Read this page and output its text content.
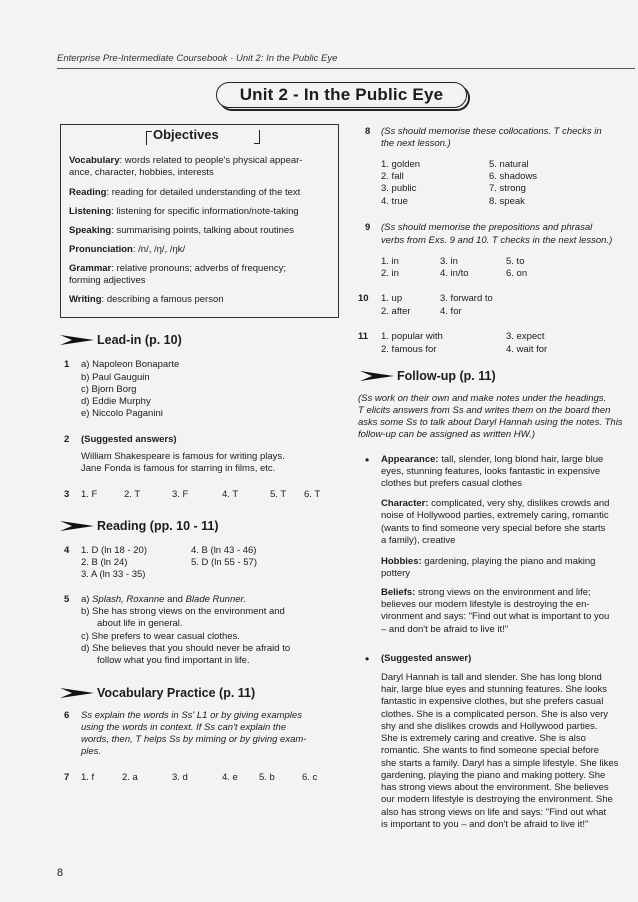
Enterprise Pre-Intermediate Coursebook · Unit 2: In the Public Eye
Unit 2 - In the Public Eye
Objectives
Vocabulary: words related to people's physical appear-
ance, character, hobbies, interests
Reading: reading for detailed understanding of the text
Listening: listening for specific information/note-taking
Speaking: summarising points, talking about routines
Pronunciation: /n/, /ŋ/, /ŋk/
Grammar: relative pronouns; adverbs of frequency;
forming adjectives
Writing: describing a famous person
Lead-in (p. 10)
1 a) Napoleon Bonaparte
b) Paul Gauguin
c) Bjorn Borg
d) Eddie Murphy
e) Niccolo Paganini
2 (Suggested answers)
William Shakespeare is famous for writing plays.
Jane Fonda is famous for starring in films, etc.
3 1. F	2. T	3. F	4. T	5. T 6. T
Reading (pp. 10 - 11)
4 1. D (ln 18 - 20)	4. B (ln 43 - 46)
2. B (ln 24)	5. D (ln 55 - 57)
3. A (ln 33 - 35)
5 a) Splash, Roxanne and Blade Runner.
b) She has strong views on the environment and
about life in general.
c) She prefers to wear casual clothes.
d) She believes that you should never be afraid to
follow what you find important in life.
Vocabulary Practice (p. 11)
6 Ss explain the words in Ss' L1 or by giving examples
using the words in context. If Ss can't explain the
words, then, T helps Ss by miming or by giving exam-
ples.
7 1. f	2. a	3. d	4. e 5. b	6. c
8 (Ss should memorise these collocations. T checks in
the next lesson.)
1. golden	5. natural
2. fall	6. shadows
3. public	7. strong
4. true	8. speak
9 (Ss should memorise the prepositions and phrasal
verbs from Exs. 9 and 10. T checks in the next lesson.)
1. in	3. in	5. to
2. in	4. in/to	6. on
10 1. up	3. forward to
2. after	4. for
11 1. popular with	3. expect
2. famous for	4. wait for
Follow-up (p. 11)
(Ss work on their own and make notes under the headings.
T elicits answers from Ss and writes them on the board then
asks some Ss to talk about Daryl Hannah using the notes. This
follow-up can be assigned as written HW.)
• Appearance: tall, slender, long blond hair, large blue
eyes, stunning features, looks fantastic in expensive
clothes but prefers casual clothes
Character: complicated, very shy, dislikes crowds and
noise of Hollywood parties, extremely caring, romantic
(wants to find someone very special before she starts
a family), creative
Hobbies: gardening, playing the piano and making
pottery
Beliefs: strong views on the environment and life;
believes our modern lifestyle is destroying the en-
vironment and says: "Find out what is important to you
– and don't be afraid to live it!"
• (Suggested answer)
Daryl Hannah is tall and slender. She has long blond
hair, large blue eyes and stunning features. She looks
fantastic in expensive clothes, but she prefers casual
clothes. She is a complicated person. She is also very
shy and she dislikes crowds and Hollywood parties.
She is extremely caring and creative. She is also
romantic. She wants to find someone special before
she starts a family. Daryl has a simple lifestyle. She likes
gardening, playing the piano and making pottery. She
has strong views about the environment. She believes
our modern lifestyle is destroying the environment. She
also has strong views on life and says: "Find out what
is important to you – and don't be afraid to live it!"
8
